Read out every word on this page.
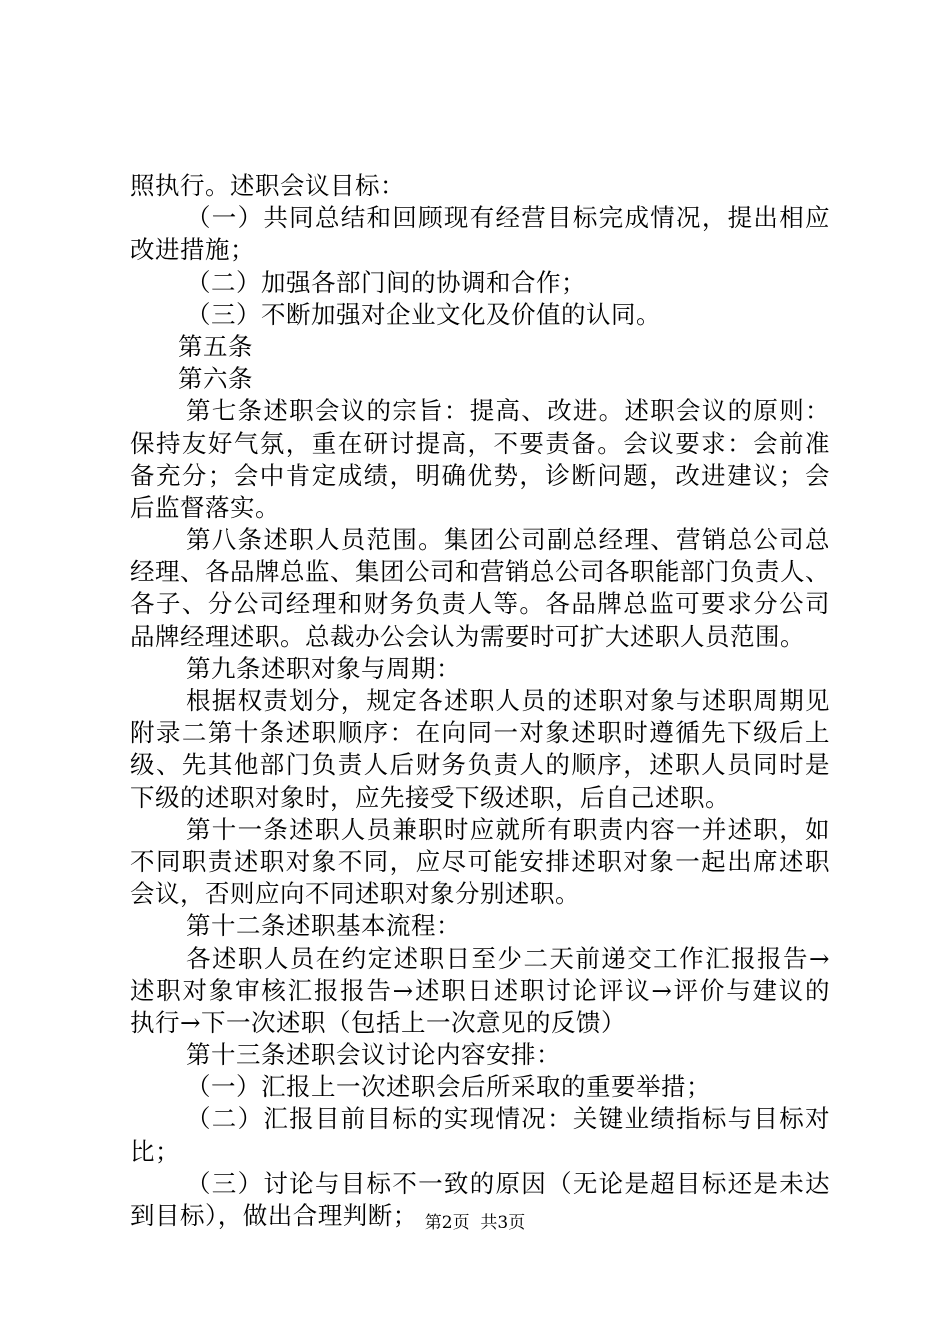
照执行。述职会议目标：
（一）共同总结和回顾现有经营目标完成情况，提出相应
改进措施；
（二）加强各部门间的协调和合作；
（三）不断加强对企业文化及价值的认同。
第五条
第六条
第七条述职会议的宗旨：提高、改进。述职会议的原则：
保持友好气氛，重在研讨提高，不要责备。会议要求：会前准
备充分；会中肯定成绩，明确优势，诊断问题，改进建议；会
后监督落实。
第八条述职人员范围。集团公司副总经理、营销总公司总
经理、各品牌总监、集团公司和营销总公司各职能部门负责人、
各子、分公司经理和财务负责人等。各品牌总监可要求分公司
品牌经理述职。总裁办公会认为需要时可扩大述职人员范围。
第九条述职对象与周期：
根据权责划分，规定各述职人员的述职对象与述职周期见
附录二第十条述职顺序：在向同一对象述职时遵循先下级后上
级、先其他部门负责人后财务负责人的顺序，述职人员同时是
下级的述职对象时，应先接受下级述职，后自己述职。
第十一条述职人员兼职时应就所有职责内容一并述职，如
不同职责述职对象不同，应尽可能安排述职对象一起出席述职
会议，否则应向不同述职对象分别述职。
第十二条述职基本流程：
各述职人员在约定述职日至少二天前递交工作汇报报告→
述职对象审核汇报报告→述职日述职讨论评议→评价与建议的
执行→下一次述职（包括上一次意见的反馈）
第十三条述职会议讨论内容安排：
（一）汇报上一次述职会后所采取的重要举措；
（二）汇报目前目标的实现情况：关键业绩指标与目标对
比；
（三）讨论与目标不一致的原因（无论是超目标还是未达
到目标），做出合理判断； 第2页  共3页
